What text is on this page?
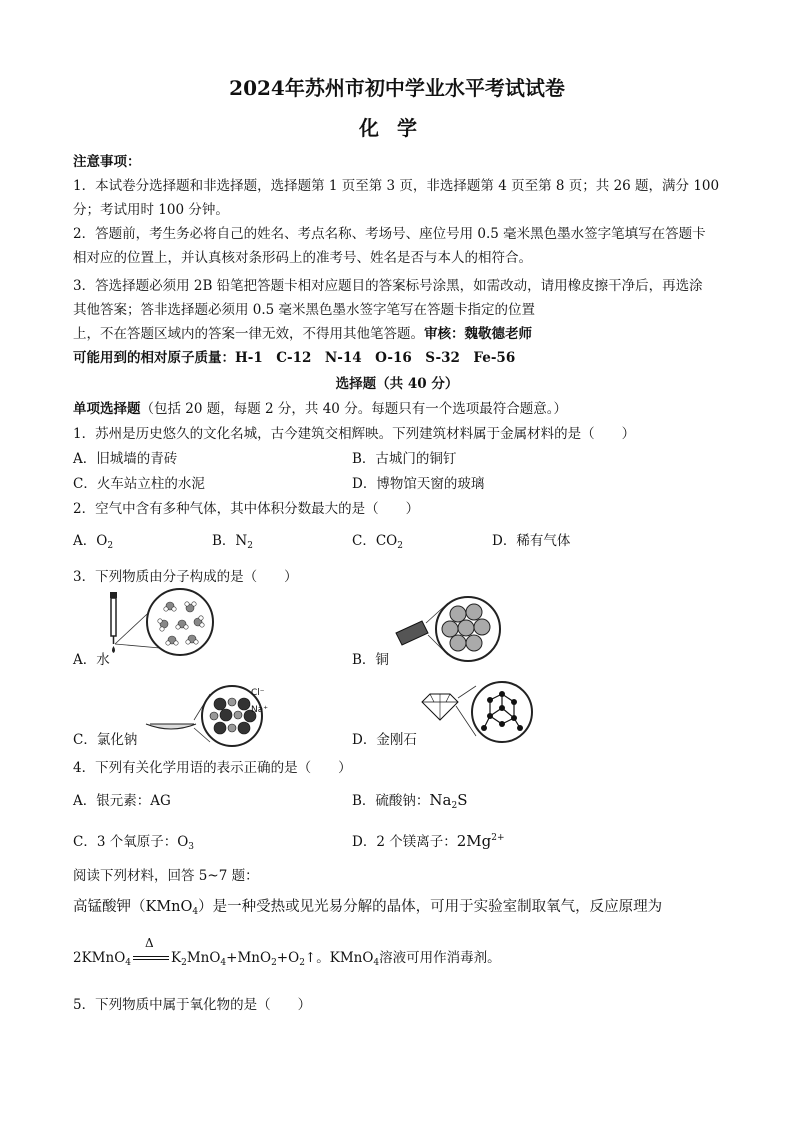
2024年苏州市初中学业水平考试试卷
化学
注意事项：
1．本试卷分选择题和非选择题，选择题第 1 页至第 3 页，非选择题第 4 页至第 8 页；共 26 题，满分 100
分；考试用时 100 分钟。
2．答题前，考生务必将自己的姓名、考点名称、考场号、座位号用 0.5 毫米黑色墨水签字笔填写在答题卡
相对应的位置上，并认真核对条形码上的准考号、姓名是否与本人的相符合。
3．答选择题必须用 2B 铅笔把答题卡相对应题目的答案标号涂黑，如需改动，请用橡皮擦干净后，再选涂
其他答案；答非选择题必须用 0.5 毫米黑色墨水签字笔写在答题卡指定的位置
上，不在答题区域内的答案一律无效，不得用其他笔答题。审核：魏敬德老师
可能用到的相对原子质量：H-1　C-12　N-14　O-16　S-32　Fe-56
选择题（共 40 分）
单项选择题（包括 20 题，每题 2 分，共 40 分。每题只有一个选项最符合题意。）
1．苏州是历史悠久的文化名城，古今建筑交相辉映。下列建筑材料属于金属材料的是（　　）
A．旧城墙的青砖	B．古城门的铜钉
C．火车站立柱的水泥	D．博物馆天窗的玻璃
2．空气中含有多种气体，其中体积分数最大的是（　　）
A．$O_2$	B．$N_2$	C．$CO_2$	D．稀有气体
3．下列物质由分子构成的是（　　）
A．水	B．铜
Cl⁻
Na⁺
C．氯化钠	D．金刚石
4．下列有关化学用语的表示正确的是（　　）
A．银元素：AG	B．硫酸钠：$Na_2S$
C．3 个氧原子：$O_3$	D．2 个镁离子：$2Mg^{2+}$
阅读下列材料，回答 5~7 题：
高锰酸钾（KMnO$_4$）是一种受热或见光易分解的晶体，可用于实验室制取氧气，反应原理为
2KMnO$_4$
Δ
$K_2MnO_4+MnO_2+O_2↑$。KMnO$_4$溶液可用作消毒剂。
5．下列物质中属于氧化物的是（　　）
